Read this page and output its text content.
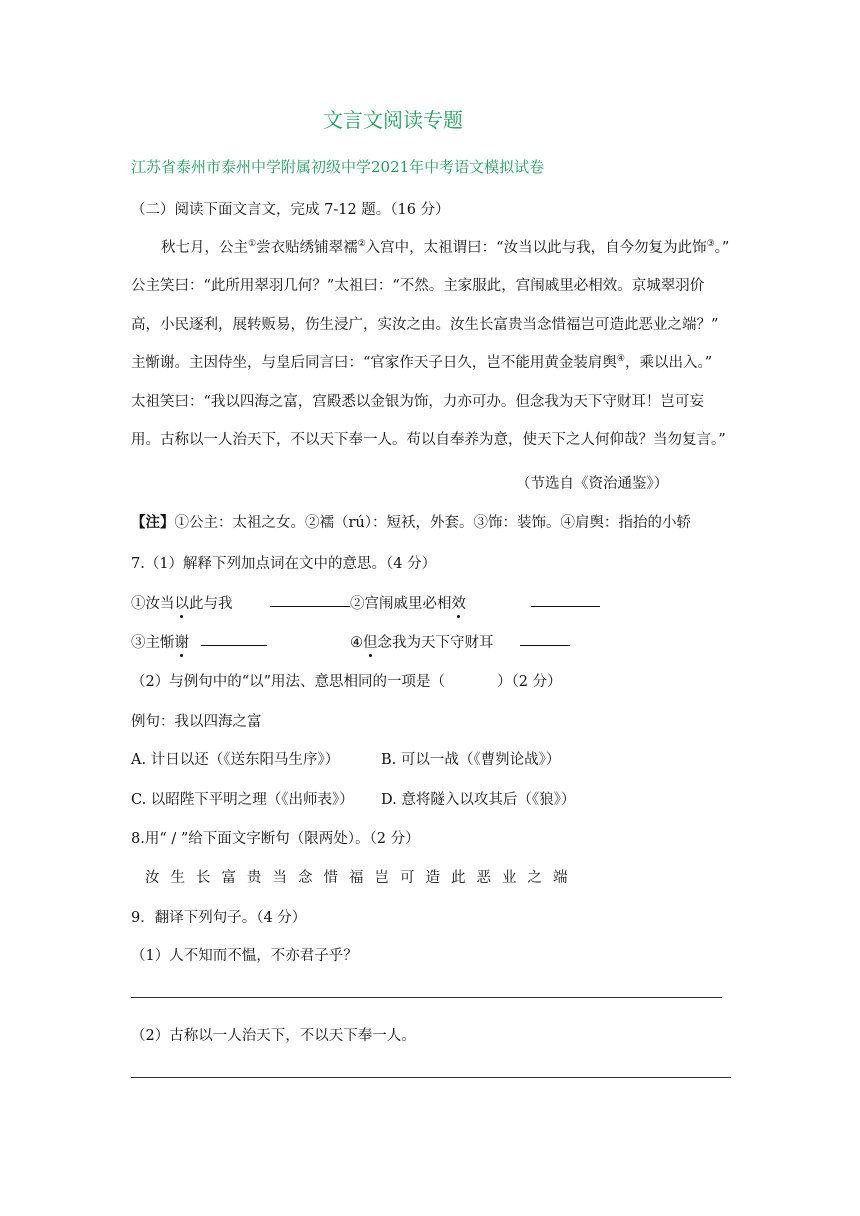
文言文阅读专题
江苏省泰州市泰州中学附属初级中学2021年中考语文模拟试卷
（二）阅读下面文言文，完成 7-12 题。（16 分）
秋七月，公主①尝衣贴绣铺翠襦②入宫中，太祖谓曰：“汝当以此与我，自今勿复为此饰③。”
公主笑曰：“此所用翠羽几何？”太祖曰：“不然。主家服此，宫闱戚里必相效。京城翠羽价
高，小民逐利，展转贩易，伤生浸广，实汝之由。汝生长富贵当念惜福岂可造此恶业之端？”
主惭谢。主因侍坐，与皇后同言曰：“官家作天子日久，岂不能用黄金装肩舆④，乘以出入。”
太祖笑曰：“我以四海之富，宫殿悉以金银为饰，力亦可办。但念我为天下守财耳！岂可妄
用。古称以一人治天下，不以天下奉一人。苟以自奉养为意，使天下之人何仰哉？当勿复言。”
（节选自《资治通鉴》）
【注】①公主：太祖之女。②襦（rú）：短袄，外套。③饰：装饰。④肩舆：指抬的小轿
7.（1）解释下列加点词在文中的意思。（4 分）
①汝当以此与我	②宫闱戚里必相效
③主惭谢	④但念我为天下守财耳
（2）与例句中的“以”用法、意思相同的一项是（	）（2 分）
例句：我以四海之富
A. 计日以还（《送东阳马生序》）	B. 可以一战（《曹刿论战》）
C. 以昭陛下平明之理（《出师表》） D. 意将隧入以攻其后（《狼》）
8.用“ / ”给下面文字断句（限两处）。（2 分）
汝生长富贵当念惜福岂可造此恶业之端
9．翻译下列句子。（4 分）
（1）人不知而不愠，不亦君子乎？
（2）古称以一人治天下，不以天下奉一人。
